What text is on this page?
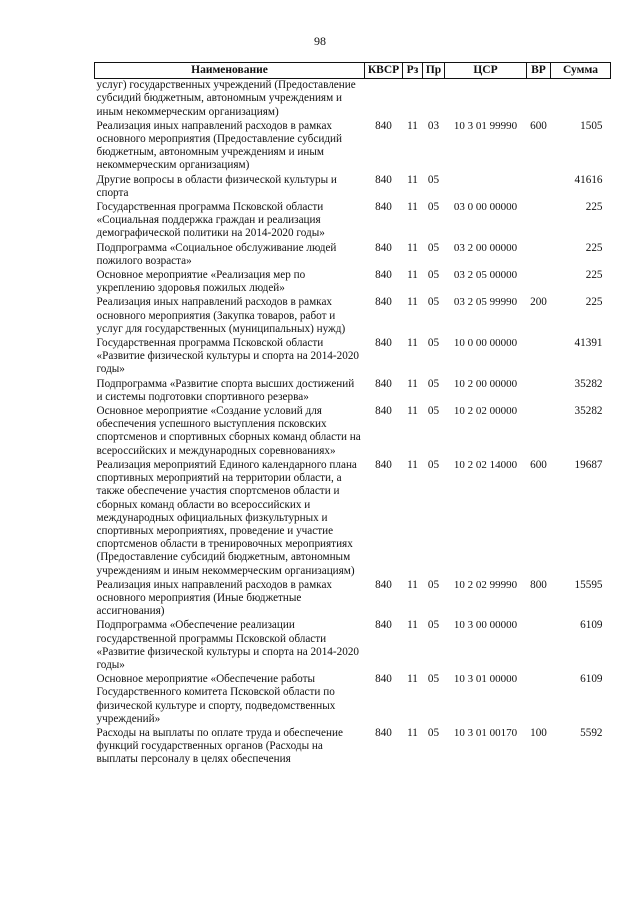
98
Наименование	КВСР	Рз	Пр	ЦСР	ВР	Сумма
услуг) государственных учреждений (Предоставление субсидий бюджетным, автономным учреждениям и иным некоммерческим организациям)						
Реализация иных направлений расходов в рамках основного мероприятия (Предоставление субсидий бюджетным, автономным учреждениям и иным некоммерческим организациям)	840	11	03	10 3 01 99990	600	1505
Другие вопросы в области физической культуры и спорта	840	11	05			41616
Государственная программа Псковской области «Социальная поддержка граждан и реализация демографической политики на 2014-2020 годы»	840	11	05	03 0 00 00000		225
Подпрограмма «Социальное обслуживание людей пожилого возраста»	840	11	05	03 2 00 00000		225
Основное мероприятие «Реализация мер по укреплению здоровья пожилых людей»	840	11	05	03 2 05 00000		225
Реализация иных направлений расходов в рамках основного мероприятия (Закупка товаров, работ и услуг для государственных (муниципальных) нужд)	840	11	05	03 2 05 99990	200	225
Государственная программа Псковской области «Развитие физической культуры и спорта на 2014-2020 годы»	840	11	05	10 0 00 00000		41391
Подпрограмма «Развитие спорта высших достижений и системы подготовки спортивного резерва»	840	11	05	10 2 00 00000		35282
Основное мероприятие «Создание условий для обеспечения успешного выступления псковских спортсменов и спортивных сборных команд области на всероссийских и международных соревнованиях»	840	11	05	10 2 02 00000		35282
Реализация мероприятий Единого календарного плана спортивных мероприятий на территории области, а также обеспечение участия спортсменов области и сборных команд области во всероссийских и международных официальных физкультурных и спортивных мероприятиях, проведение и участие спортсменов области в тренировочных мероприятиях (Предоставление субсидий бюджетным, автономным учреждениям и иным некоммерческим организациям)	840	11	05	10 2 02 14000	600	19687
Реализация иных направлений расходов в рамках основного мероприятия (Иные бюджетные ассигнования)	840	11	05	10 2 02 99990	800	15595
Подпрограмма «Обеспечение реализации государственной программы Псковской области «Развитие физической культуры и спорта на 2014-2020 годы»	840	11	05	10 3 00 00000		6109
Основное мероприятие «Обеспечение работы Государственного комитета Псковской области по физической культуре и спорту, подведомственных учреждений»	840	11	05	10 3 01 00000		6109
Расходы на выплаты по оплате труда и обеспечение функций государственных органов (Расходы на выплаты персоналу в целях обеспечения	840	11	05	10 3 01 00170	100	5592
